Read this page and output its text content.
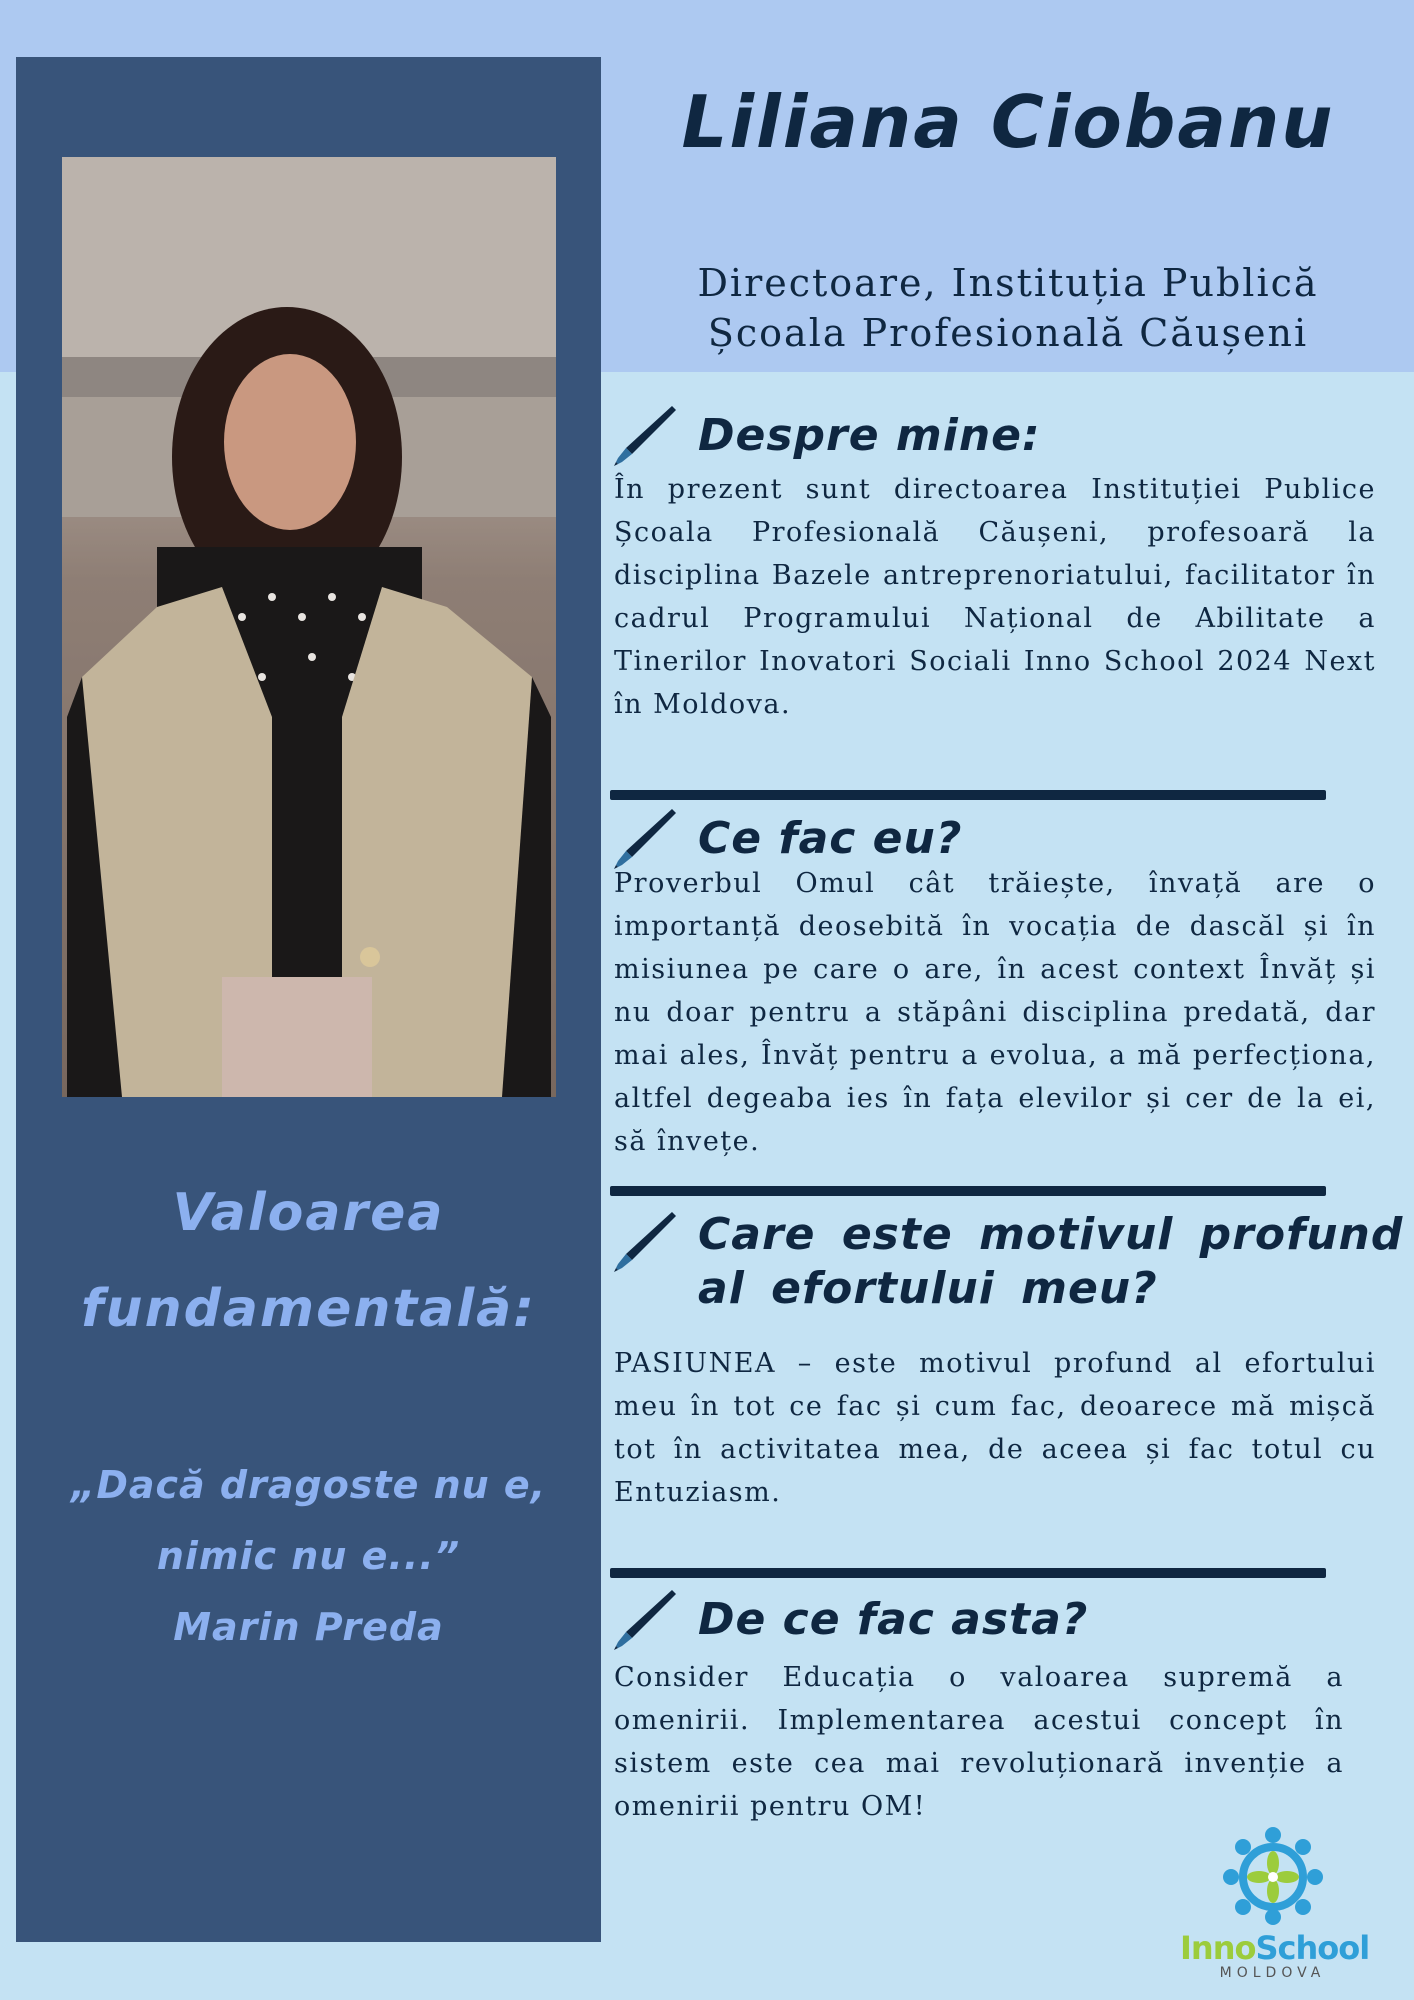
Valoarea
fundamentală:
„Dacă dragoste nu e,
nimic nu e...”
Marin Preda
Liliana Ciobanu
Directoare, Instituția Publică
Școala Profesională Căușeni
Despre mine:
În prezent sunt directoarea Instituției Publice Școala Profesională Căușeni, profesoară la disciplina Bazele antreprenoriatului, facilitator în cadrul Programului Național de Abilitate a Tinerilor Inovatori Sociali Inno School 2024 Next în Moldova.
Ce fac eu?
Proverbul Omul cât trăiește, învață are o importanță deosebită în vocația de dascăl și în misiunea pe care o are, în acest context Învăț și nu doar pentru a stăpâni disciplina predată, dar mai ales, Învăț pentru a evolua, a mă perfecționa, altfel degeaba ies în fața elevilor și cer de la ei, să învețe.
Care este motivul profund
al efortului meu?
PASIUNEA – este motivul profund al efortului meu în tot ce fac și cum fac, deoarece mă mișcă tot în activitatea mea, de aceea și fac totul cu Entuziasm.
De ce fac asta?
Consider Educația o valoarea supremă a omenirii. Implementarea acestui concept în sistem este cea mai revoluționară invenție a omenirii pentru OM!
InnoSchool
MOLDOVA
